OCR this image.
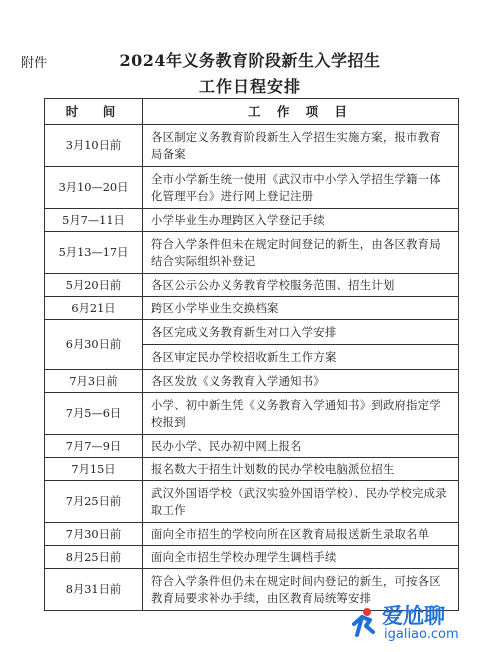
附件	2024年义务教育阶段新生入学招生
工作日程安排
时　间	工 作 项 目
3月10日前	各区制定义务教育阶段新生入学招生实施方案，报市教育局备案
3月10—20日	全市小学新生统一使用《武汉市中小学入学招生学籍一体化管理平台》进行网上登记注册
5月7—11日	小学毕业生办理跨区入学登记手续
5月13—17日	符合入学条件但未在规定时间登记的新生，由各区教育局结合实际组织补登记
5月20日前	各区公示公办义务教育学校服务范围、招生计划
6月21日	跨区小学毕业生交换档案
6月30日前	各区完成义务教育新生对口入学安排
	各区审定民办学校招收新生工作方案
7月3日前	各区发放《义务教育入学通知书》
7月5—6日	小学、初中新生凭《义务教育入学通知书》到政府指定学校报到
7月7—9日	民办小学、民办初中网上报名
7月15日	报名数大于招生计划数的民办学校电脑派位招生
7月25日前	武汉外国语学校（武汉实验外国语学校）、民办学校完成录取工作
7月30日前	面向全市招生的学校向所在区教育局报送新生录取名单
8月25日前	面向全市招生学校办理学生调档手续
8月31日前	符合入学条件但仍未在规定时间内登记的新生，可按各区教育局要求补办手续，由区教育局统筹安排
爱尬聊
igaliao.com
